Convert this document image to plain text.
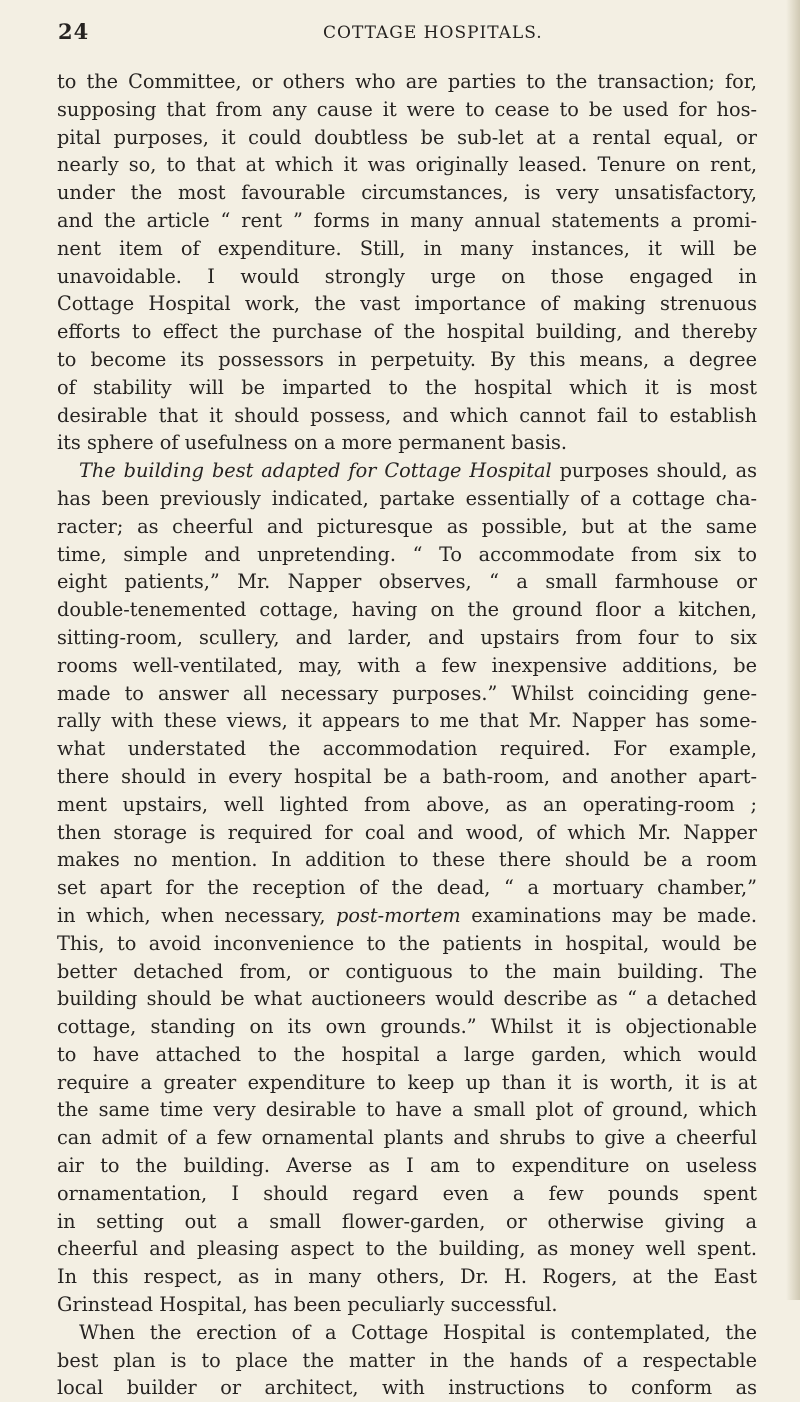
24	COTTAGE HOSPITALS.
to the Committee, or others who are parties to the transaction; for,
supposing that from any cause it were to cease to be used for hos-
pital purposes, it could doubtless be sub-let at a rental equal, or
nearly so, to that at which it was originally leased. Tenure on rent,
under the most favourable circumstances, is very unsatisfactory,
and the article “ rent ” forms in many annual statements a promi-
nent item of expenditure. Still, in many instances, it will be
unavoidable. I would strongly urge on those engaged in
Cottage Hospital work, the vast importance of making strenuous
efforts to effect the purchase of the hospital building, and thereby
to become its possessors in perpetuity. By this means, a degree
of stability will be imparted to the hospital which it is most
desirable that it should possess, and which cannot fail to establish
its sphere of usefulness on a more permanent basis.
The building best adapted for Cottage Hospital purposes should, as
has been previously indicated, partake essentially of a cottage cha-
racter; as cheerful and picturesque as possible, but at the same
time, simple and unpretending. “ To accommodate from six to
eight patients,” Mr. Napper observes, “ a small farmhouse or
double-tenemented cottage, having on the ground floor a kitchen,
sitting-room, scullery, and larder, and upstairs from four to six
rooms well-ventilated, may, with a few inexpensive additions, be
made to answer all necessary purposes.” Whilst coinciding gene-
rally with these views, it appears to me that Mr. Napper has some-
what understated the accommodation required. For example,
there should in every hospital be a bath-room, and another apart-
ment upstairs, well lighted from above, as an operating-room ;
then storage is required for coal and wood, of which Mr. Napper
makes no mention. In addition to these there should be a room
set apart for the reception of the dead, “ a mortuary chamber,”
in which, when necessary, post-mortem examinations may be made.
This, to avoid inconvenience to the patients in hospital, would be
better detached from, or contiguous to the main building. The
building should be what auctioneers would describe as “ a detached
cottage, standing on its own grounds.” Whilst it is objectionable
to have attached to the hospital a large garden, which would
require a greater expenditure to keep up than it is worth, it is at
the same time very desirable to have a small plot of ground, which
can admit of a few ornamental plants and shrubs to give a cheerful
air to the building. Averse as I am to expenditure on useless
ornamentation, I should regard even a few pounds spent
in setting out a small flower-garden, or otherwise giving a
cheerful and pleasing aspect to the building, as money well spent.
In this respect, as in many others, Dr. H. Rogers, at the East
Grinstead Hospital, has been peculiarly successful.
When the erection of a Cottage Hospital is contemplated, the
best plan is to place the matter in the hands of a respectable
local builder or architect, with instructions to conform as
